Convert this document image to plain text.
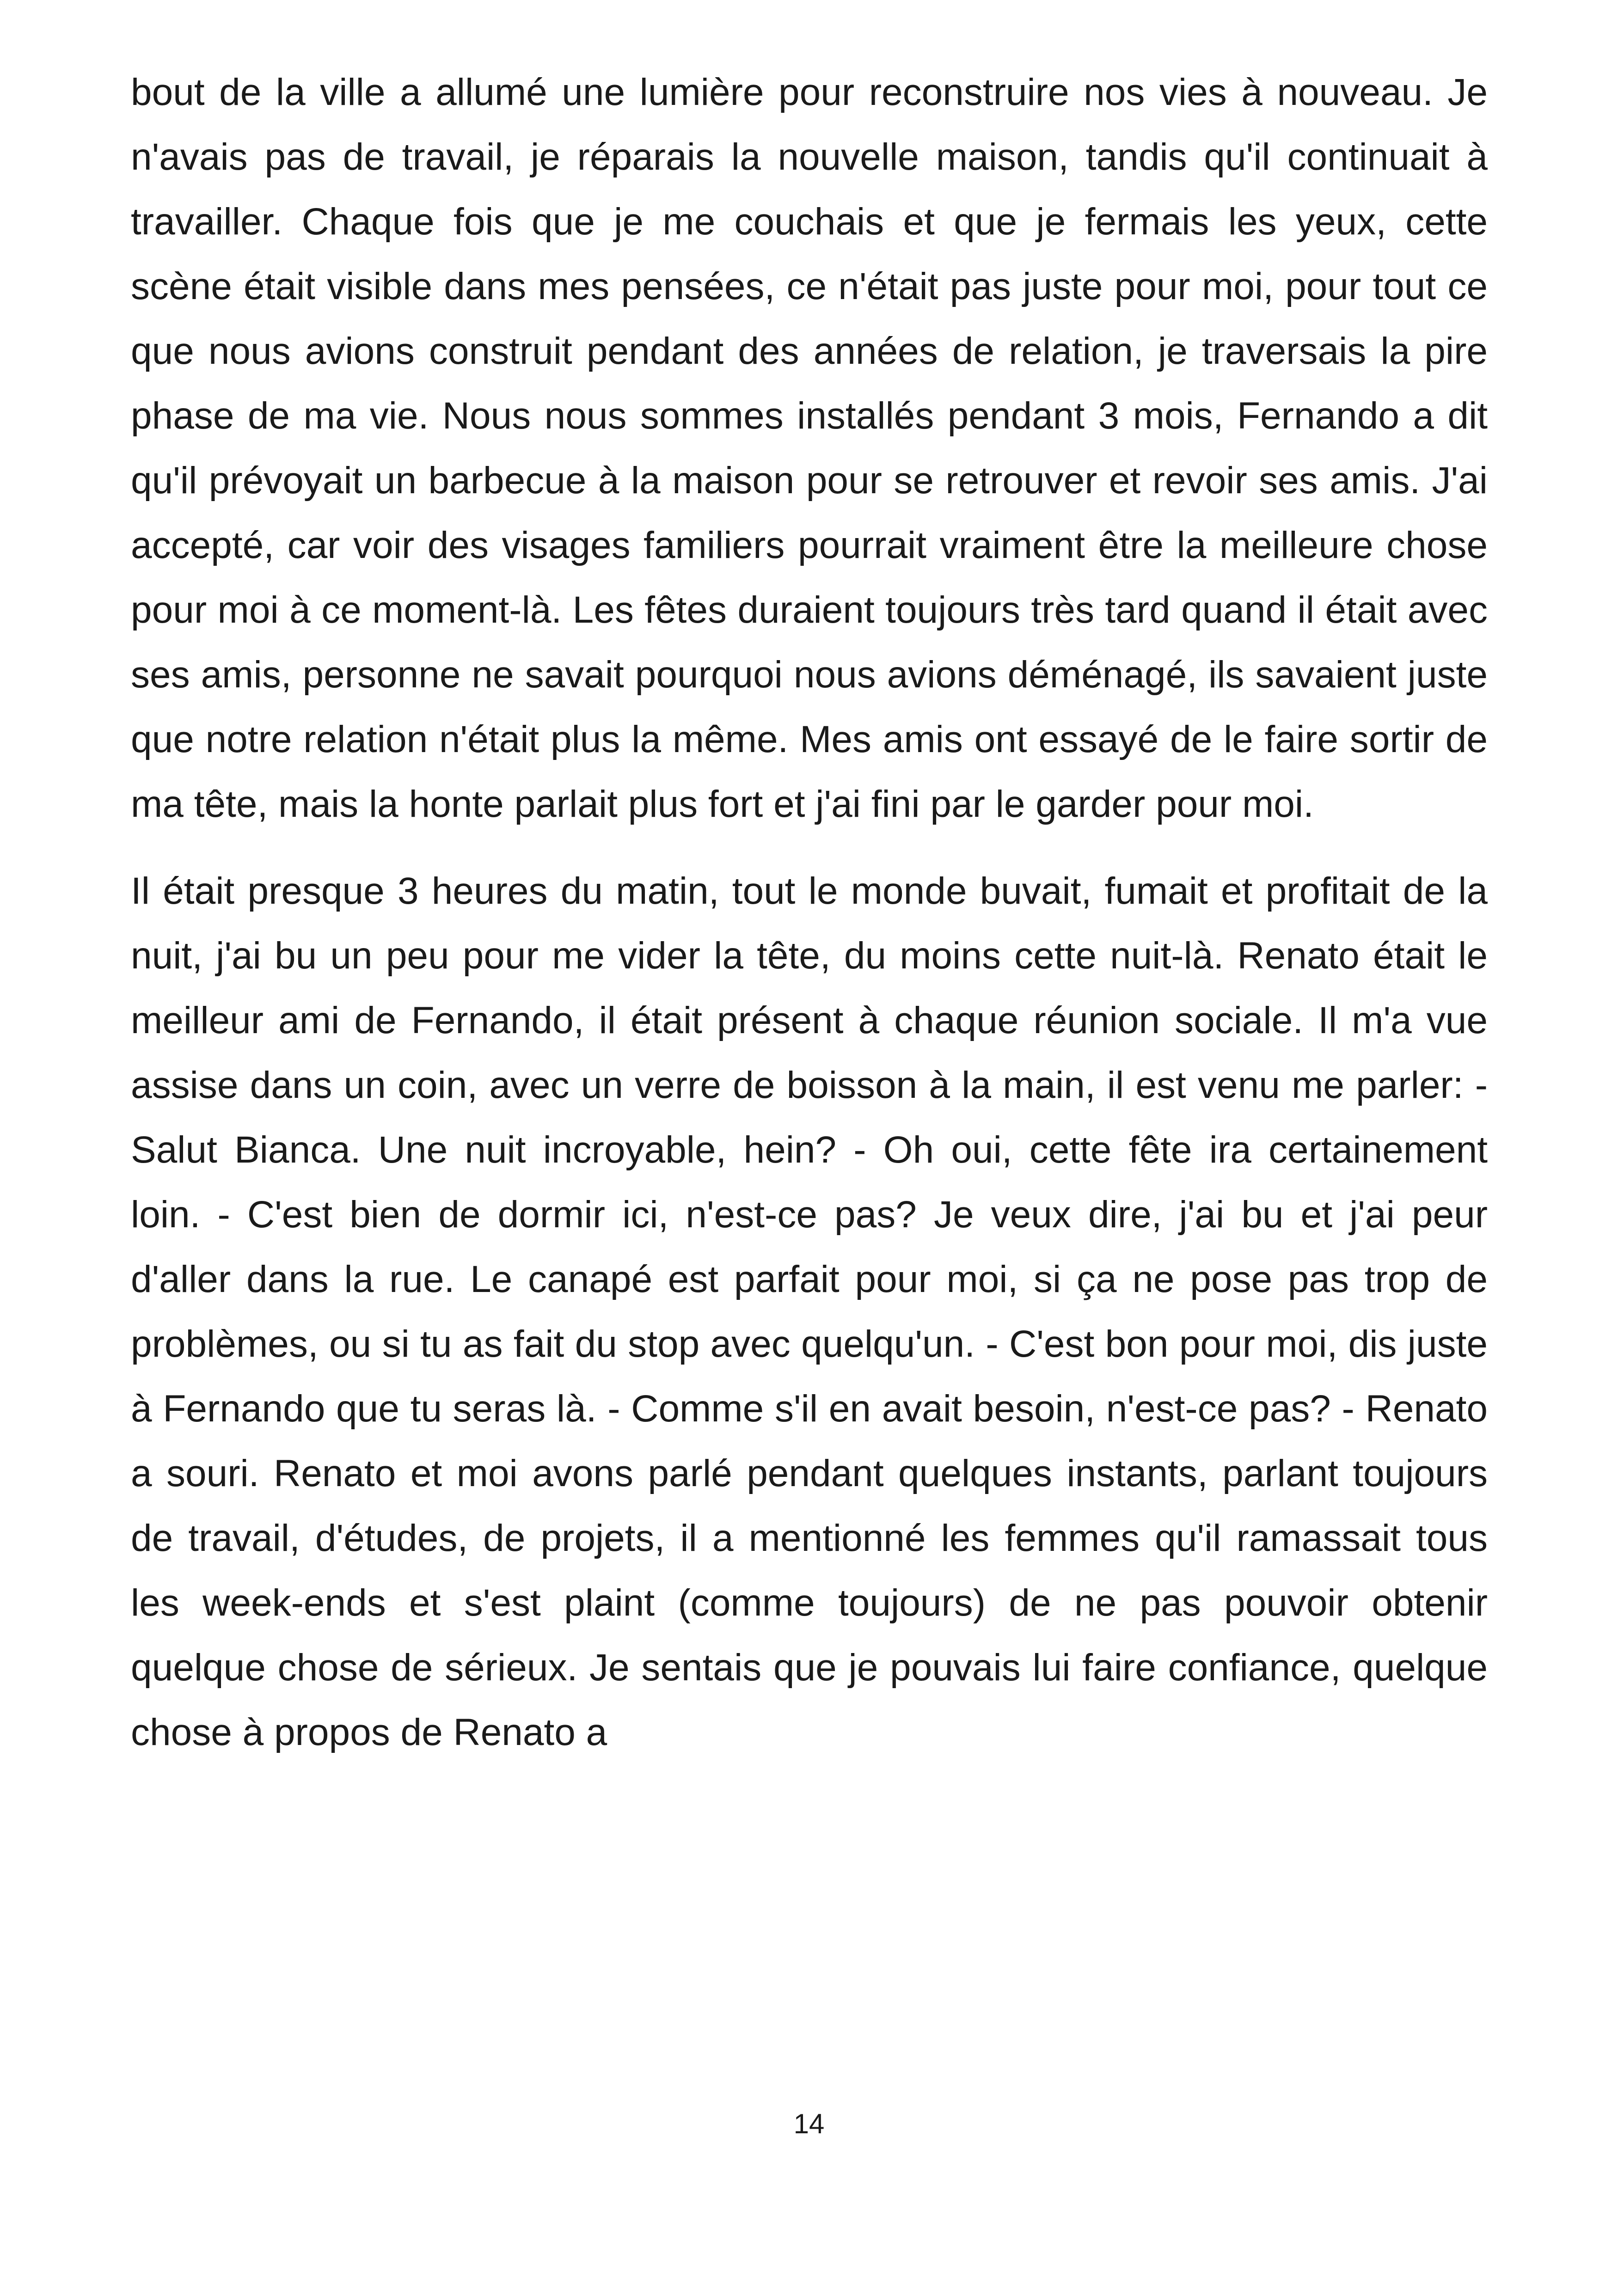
bout de la ville a allumé une lumière pour reconstruire nos vies à nouveau. Je n'avais pas de travail, je réparais la nouvelle maison, tandis qu'il continuait à travailler. Chaque fois que je me couchais et que je fermais les yeux, cette scène était visible dans mes pensées, ce n'était pas juste pour moi, pour tout ce que nous avions construit pendant des années de relation, je traversais la pire phase de ma vie. Nous nous sommes installés pendant 3 mois, Fernando a dit qu'il prévoyait un barbecue à la maison pour se retrouver et revoir ses amis. J'ai accepté, car voir des visages familiers pourrait vraiment être la meilleure chose pour moi à ce moment-là. Les fêtes duraient toujours très tard quand il était avec ses amis, personne ne savait pourquoi nous avions déménagé, ils savaient juste que notre relation n'était plus la même. Mes amis ont essayé de le faire sortir de ma tête, mais la honte parlait plus fort et j'ai fini par le garder pour moi.

Il était presque 3 heures du matin, tout le monde buvait, fumait et profitait de la nuit, j'ai bu un peu pour me vider la tête, du moins cette nuit-là. Renato était le meilleur ami de Fernando, il était présent à chaque réunion sociale. Il m'a vue assise dans un coin, avec un verre de boisson à la main, il est venu me parler: - Salut Bianca. Une nuit incroyable, hein? - Oh oui, cette fête ira certainement loin. - C'est bien de dormir ici, n'est-ce pas? Je veux dire, j'ai bu et j'ai peur d'aller dans la rue. Le canapé est parfait pour moi, si ça ne pose pas trop de problèmes, ou si tu as fait du stop avec quelqu'un. - C'est bon pour moi, dis juste à Fernando que tu seras là. - Comme s'il en avait besoin, n'est-ce pas? - Renato a souri. Renato et moi avons parlé pendant quelques instants, parlant toujours de travail, d'études, de projets, il a mentionné les femmes qu'il ramassait tous les week-ends et s'est plaint (comme toujours) de ne pas pouvoir obtenir quelque chose de sérieux. Je sentais que je pouvais lui faire confiance, quelque chose à propos de Renato a

14
